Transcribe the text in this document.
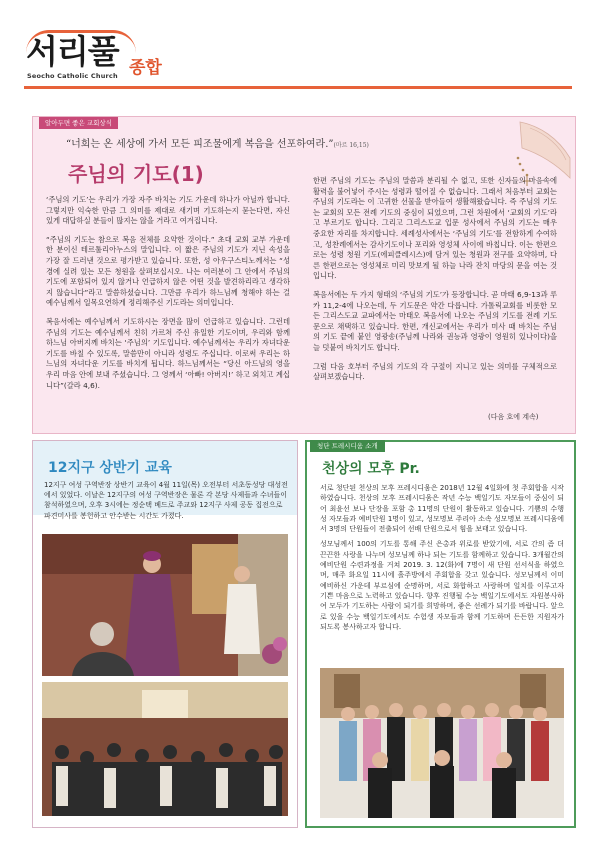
서리풀
Seocho Catholic Church 종합
알아두면 좋은 교회상식
“너희는 온 세상에 가서 모든 피조물에게 복음을 선포하여라.”(마르 16,15)
주님의 기도(1)

‘주님의 기도’는 우리가 가장 자주 바치는 기도 가운데 하나가 아닐까 합니다. 그렇지만 익숙한 만큼 그 의미를 제대로 새기며 기도하는지 묻는다면, 자신 있게 대답하실 분들이 많지는 않을 거라고 여겨집니다.

“주님의 기도는 참으로 복음 전체를 요약한 것이다.” 초대 교회 교부 가운데 한 분이신 테르툴리아누스의 말입니다. 이 짧은 주님의 기도가 지닌 속성을 가장 잘 드러낸 것으로 평가받고 있습니다. 또한, 성 아우구스티노께서는 “성경에 실려 있는 모든 청원을 살펴보십시오. 나는 여러분이 그 안에서 주님의 기도에 포함되어 있지 않거나 언급하지 않은 어떤 것을 발견하리라고 생각하지 않습니다”라고 말씀하셨습니다. 그만큼 우리가 하느님께 청해야 하는 걸 예수님께서 일목요연하게 정리해주신 기도라는 의미입니다.

복음서에는 예수님께서 기도하시는 장면을 많이 언급하고 있습니다. 그런데 주님의 기도는 예수님께서 친히 가르쳐 주신 유일한 기도이며, 우리와 함께 하느님 아버지께 바치는 ‘주님의’ 기도입니다. 예수님께서는 우리가 자녀다운 기도를 바칠 수 있도록, 말씀만이 아니라 성령도 주십니다. 이로써 우리는 하느님의 자녀다운 기도를 바치게 됩니다. 하느님께서는 “당신 아드님의 영을 우리 마음 안에 보내 주셨습니다. 그 영께서 ‘아빠! 아버지!’ 하고 외치고 계십니다”(갈라 4,6).

한편 주님의 기도는 주님의 말씀과 분리될 수 없고, 또한 신자들의 마음속에 활력을 불어넣어 주시는 성령과 떨어질 수 없습니다. 그래서 처음부터 교회는 주님의 기도라는 이 고귀한 선물을 받아들여 생활해왔습니다. 즉 주님의 기도는 교회의 모든 전례 기도의 중심이 되었으며, 그런 차원에서 ‘교회의 기도’라고 부르기도 합니다. 그리고 그리스도교 입문 성사에서 주님의 기도는 매우 중요한 자리를 차지합니다. 세례성사에서는 ‘주님의 기도’를 전함하게 수여하고, 성찬례에서는 감사기도이나 포리와 영성체 사이에 바칩니다. 이는 한편으로는 성령 청원 기도(에피클레시스)에 담겨 있는 청원과 전구를 요약하며, 다른 한편으로는 영성체로 미리 맛보게 될 하늘 나라 잔치 마당의 문을 여는 것입니다.

복음서에는 두 가지 형태의 ‘주님의 기도’가 등장합니다. 곧 마태 6,9-13과 루카 11,2-4에 나오는데, 두 기도문은 약간 다릅니다. 가톨릭교회를 비롯한 모든 그리스도교 교파에서는 마태오 복음서에 나오는 주님의 기도를 전례 기도문으로 채택하고 있습니다. 한편, 개신교에서는 우리가 미사 때 바치는 주님의 기도 끝에 붙인 영광송(주님께 나라와 권능과 영광이 영원히 있나이다)을 늘 덧붙여 바치기도 합니다.

그럼 다음 호부터 주님의 기도의 각 구절이 지니고 있는 의미를 구체적으로 살펴보겠습니다.

(다음 호에 계속)
12지구 상반기 교육
12지구 여성 구역반장 상반기 교육이 4월 11일(목) 오전부터 서초동성당 대성전에서 있었다. 이날은 12지구의 여성 구역반장은 물론 각 본당 사제들과 수녀들이 참석하였으며, 오후 3시에는 정순택 베드로 주교와 12지구 사제 공동 집전으로 파견미사를 봉헌하고 안수받는 시간도 가졌다.
청단 트레시디움 소개
천상의 모후 Pr.

서로 청단된 천상의 모후 프레시디움은 2018년 12월 4일화에 첫 주회합을 시작하였습니다. 천상의 모후 프레시디움은 작년 수능 백일기도 자모들이 중심이 되어 최윤선 보나 단장을 포함 총 11명의 단원이 활동하고 있습니다. 기쁨의 수행성 자모들과 예비단원 1명이 있고, 성모명보 주리아 소속 성모명보 프레시디움에서 3명의 단원들이 전출되어 선배 단원으로서 힘을 보태고 있습니다.

성모님께서 100의 기도를 통해 주신 은총과 위로를 받았기에, 서로 간의 좀 더 끈끈한 사랑을 나누며 성모님께 하나 되는 기도를 함께하고 있습니다. 3개월간의 예비단원 수련과정을 거쳐 2019. 3. 12(화)에 7명이 새 단원 선서식을 하였으며, 매주 화요일 11시에 흘주방에서 주회합을 갖고 있습니다. 성모님께서 이미 예비하신 가운데 부르심에 순명하며, 서로 화합하고 사랑하며 일치를 이루고자 기쁜 마음으로 노력하고 있습니다. 향후 진행될 수능 백일기도에서도 자원봉사하여 모두가 기도하는 사람이 되기를 희망하며, 좋은 선례가 되기를 바랍니다. 앞으로 있을 수능 백일기도에서도 수험생 자모들과 함께 기도하며 든든한 지원자가 되도록 봉사하고자 합니다.
